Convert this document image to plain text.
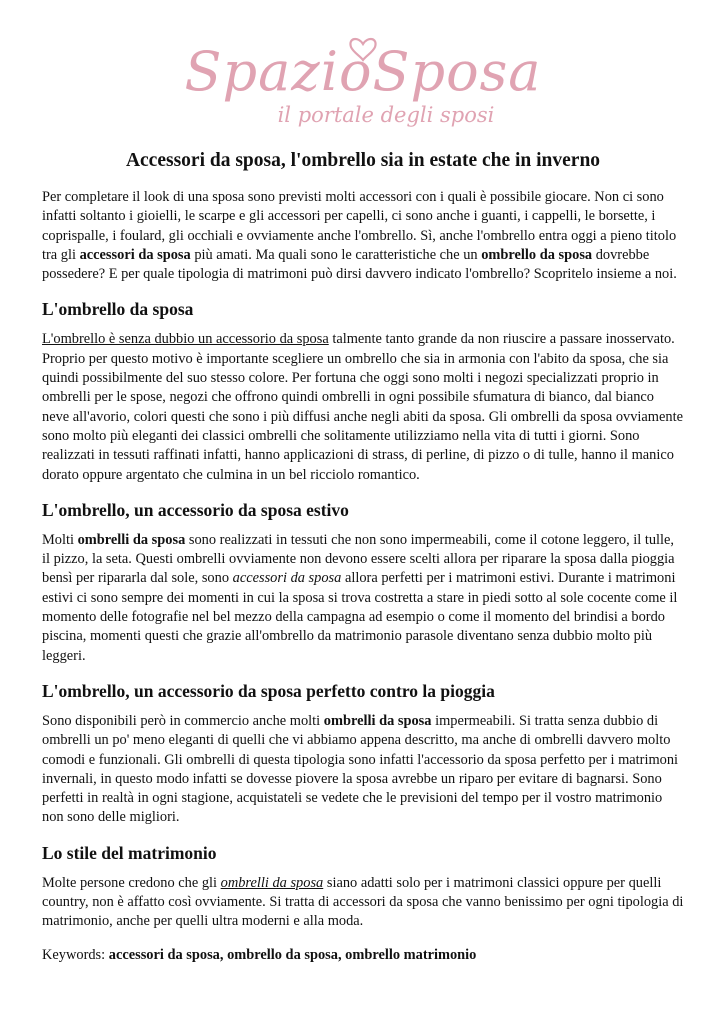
SpazioSposa
il portale degli sposi
Accessori da sposa, l'ombrello sia in estate che in inverno

Per completare il look di una sposa sono previsti molti accessori con i quali è possibile giocare. Non ci sono infatti soltanto i gioielli, le scarpe e gli accessori per capelli, ci sono anche i guanti, i cappelli, le borsette, i coprispalle, i foulard, gli occhiali e ovviamente anche l'ombrello. Sì, anche l'ombrello entra oggi a pieno titolo tra gli accessori da sposa più amati. Ma quali sono le caratteristiche che un ombrello da sposa dovrebbe possedere? E per quale tipologia di matrimoni può dirsi davvero indicato l'ombrello? Scopritelo insieme a noi.

L'ombrello da sposa

L'ombrello è senza dubbio un accessorio da sposa talmente tanto grande da non riuscire a passare inosservato. Proprio per questo motivo è importante scegliere un ombrello che sia in armonia con l'abito da sposa, che sia quindi possibilmente del suo stesso colore. Per fortuna che oggi sono molti i negozi specializzati proprio in ombrelli per le spose, negozi che offrono quindi ombrelli in ogni possibile sfumatura di bianco, dal bianco neve all'avorio, colori questi che sono i più diffusi anche negli abiti da sposa. Gli ombrelli da sposa ovviamente sono molto più eleganti dei classici ombrelli che solitamente utilizziamo nella vita di tutti i giorni. Sono realizzati in tessuti raffinati infatti, hanno applicazioni di strass, di perline, di pizzo o di tulle, hanno il manico dorato oppure argentato che culmina in un bel ricciolo romantico.

L'ombrello, un accessorio da sposa estivo

Molti ombrelli da sposa sono realizzati in tessuti che non sono impermeabili, come il cotone leggero, il tulle, il pizzo, la seta. Questi ombrelli ovviamente non devono essere scelti allora per riparare la sposa dalla pioggia bensì per ripararla dal sole, sono accessori da sposa allora perfetti per i matrimoni estivi. Durante i matrimoni estivi ci sono sempre dei momenti in cui la sposa si trova costretta a stare in piedi sotto al sole cocente come il momento delle fotografie nel bel mezzo della campagna ad esempio o come il momento del brindisi a bordo piscina, momenti questi che grazie all'ombrello da matrimonio parasole diventano senza dubbio molto più leggeri.

L'ombrello, un accessorio da sposa perfetto contro la pioggia

Sono disponibili però in commercio anche molti ombrelli da sposa impermeabili. Si tratta senza dubbio di ombrelli un po' meno eleganti di quelli che vi abbiamo appena descritto, ma anche di ombrelli davvero molto comodi e funzionali. Gli ombrelli di questa tipologia sono infatti l'accessorio da sposa perfetto per i matrimoni invernali, in questo modo infatti se dovesse piovere la sposa avrebbe un riparo per evitare di bagnarsi. Sono perfetti in realtà in ogni stagione, acquistateli se vedete che le previsioni del tempo per il vostro matrimonio non sono delle migliori.

Lo stile del matrimonio

Molte persone credono che gli ombrelli da sposa siano adatti solo per i matrimoni classici oppure per quelli country, non è affatto così ovviamente. Si tratta di accessori da sposa che vanno benissimo per ogni tipologia di matrimonio, anche per quelli ultra moderni e alla moda.

Keywords: accessori da sposa, ombrello da sposa, ombrello matrimonio
